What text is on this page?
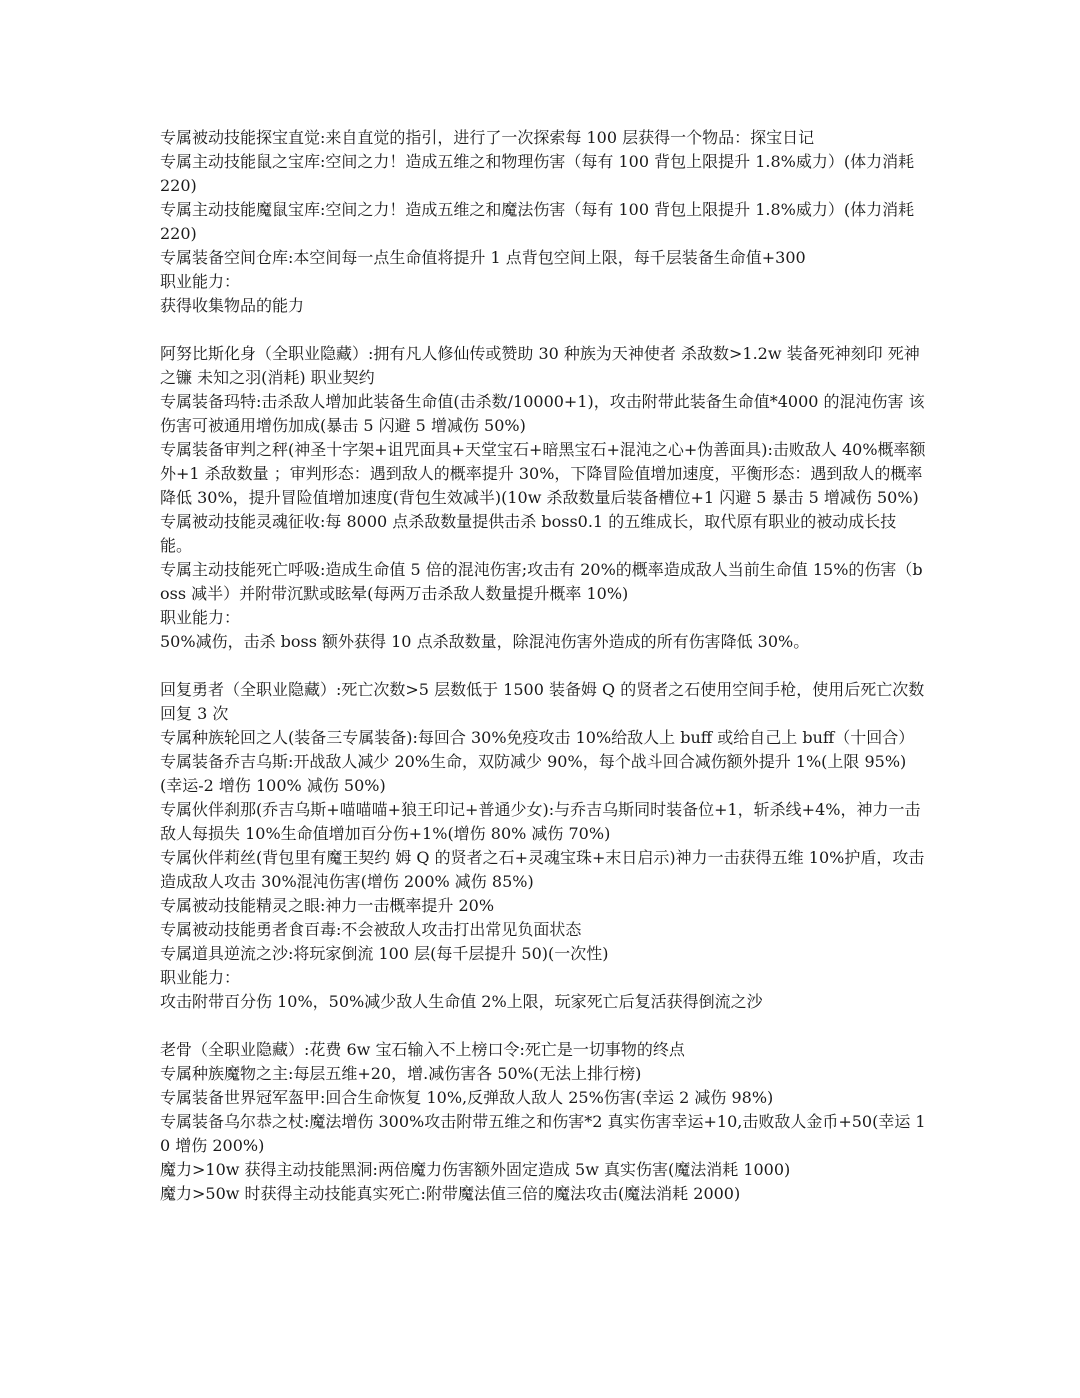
专属被动技能探宝直觉:来自直觉的指引，进行了一次探索每 100 层获得一个物品：探宝日记

专属主动技能鼠之宝库:空间之力！造成五维之和物理伤害（每有 100 背包上限提升 1.8%威力）(体力消耗 220)

专属主动技能魔鼠宝库:空间之力！造成五维之和魔法伤害（每有 100 背包上限提升 1.8%威力）(体力消耗 220)

专属装备空间仓库:本空间每一点生命值将提升 1 点背包空间上限，每千层装备生命值+300

职业能力：

获得收集物品的能力

阿努比斯化身（全职业隐藏）:拥有凡人修仙传或赞助 30 种族为天神使者 杀敌数>1.2w 装备死神刻印 死神之镰 未知之羽(消耗) 职业契约

专属装备玛特:击杀敌人增加此装备生命值(击杀数/10000+1)，攻击附带此装备生命值*4000 的混沌伤害 该伤害可被通用增伤加成(暴击 5 闪避 5 增减伤 50%)

专属装备审判之秤(神圣十字架+诅咒面具+天堂宝石+暗黑宝石+混沌之心+伪善面具):击败敌人 40%概率额外+1 杀敌数量 ；审判形态：遇到敌人的概率提升 30%，下降冒险值增加速度，平衡形态：遇到敌人的概率降低 30%，提升冒险值增加速度(背包生效减半)(10w 杀敌数量后装备槽位+1 闪避 5 暴击 5 增减伤 50%)

专属被动技能灵魂征收:每 8000 点杀敌数量提供击杀 boss0.1 的五维成长，取代原有职业的被动成长技能。

专属主动技能死亡呼吸:造成生命值 5 倍的混沌伤害;攻击有 20%的概率造成敌人当前生命值 15%的伤害（boss 减半）并附带沉默或眩晕(每两万击杀敌人数量提升概率 10%)

职业能力：

50%减伤，击杀 boss 额外获得 10 点杀敌数量，除混沌伤害外造成的所有伤害降低 30%。

回复勇者（全职业隐藏）:死亡次数>5 层数低于 1500 装备姆 Q 的贤者之石使用空间手枪，使用后死亡次数回复 3 次

专属种族轮回之人(装备三专属装备):每回合 30%免疫攻击 10%给敌人上 buff 或给自己上 buff（十回合）

专属装备乔吉乌斯:开战敌人减少 20%生命，双防减少 90%，每个战斗回合减伤额外提升 1%(上限 95%)(幸运-2 增伤 100% 减伤 50%)

专属伙伴刹那(乔吉乌斯+喵喵喵+狼王印记+普通少女):与乔吉乌斯同时装备位+1，斩杀线+4%，神力一击敌人每损失 10%生命值增加百分伤+1%(增伤 80% 减伤 70%)

专属伙伴莉丝(背包里有魔王契约 姆 Q 的贤者之石+灵魂宝珠+末日启示)神力一击获得五维 10%护盾，攻击造成敌人攻击 30%混沌伤害(增伤 200% 减伤 85%)

专属被动技能精灵之眼:神力一击概率提升 20%

专属被动技能勇者食百毒:不会被敌人攻击打出常见负面状态

专属道具逆流之沙:将玩家倒流 100 层(每千层提升 50)(一次性)

职业能力：

攻击附带百分伤 10%，50%减少敌人生命值 2%上限，玩家死亡后复活获得倒流之沙

老骨（全职业隐藏）:花费 6w 宝石输入不上榜口令:死亡是一切事物的终点

专属种族魔物之主:每层五维+20，增.减伤害各 50%(无法上排行榜)

专属装备世界冠军盔甲:回合生命恢复 10%,反弹敌人敌人 25%伤害(幸运 2 减伤 98%)

专属装备乌尔恭之杖:魔法增伤 300%攻击附带五维之和伤害*2 真实伤害幸运+10,击败敌人金币+50(幸运 10 增伤 200%)

魔力>10w 获得主动技能黑洞:两倍魔力伤害额外固定造成 5w 真实伤害(魔法消耗 1000)

魔力>50w 时获得主动技能真实死亡:附带魔法值三倍的魔法攻击(魔法消耗 2000)
